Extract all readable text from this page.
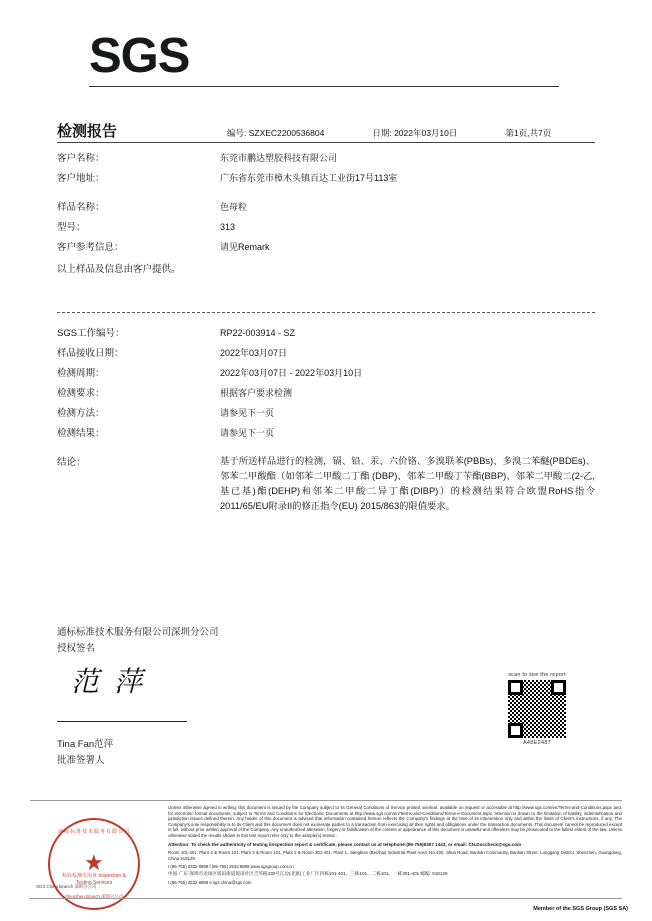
SGS
检测报告	编号: SZXEC2200536804	日期: 2022年03月10日	第1页,共7页
客户名称：	东莞市鹏达塑胶科技有限公司
客户地址：	广东省东莞市樟木头镇百达工业街17号113室
样品名称：	色母粒
型号：	313
客户参考信息：	请见Remark
以上样品及信息由客户提供。
SGS工作编号：	RP22-003914 - SZ
样品接收日期：	2022年03月07日
检测周期：	2022年03月07日 - 2022年03月10日
检测要求：	根据客户要求检测
检测方法：	请参见下一页
检测结果：	请参见下一页
结论：	基于所送样品进行的检测，镉、铅、汞、六价铬、多溴联苯(PBBs)、多溴二苯醚(PBDEs)、邻苯二甲酸酯（如邻苯二甲酸二丁酯 (DBP)、邻苯二甲酸丁苄酯(BBP)、邻苯二甲酸二(2-乙,基已基)酯(DEHP)和邻苯二甲酸二异丁酯(DIBP)）的检测结果符合欧盟RoHS指令2011/65/EU附录II的修正指令(EU) 2015/863的限值要求。
通标标准技术服务有限公司深圳分公司
授权签名
范 萍
Tina Fan范萍
批准签署人
scan to see the report
A48E2487
通标标准技术服务有限公司
★
检验检测专用章 Inspection & Testing Services
Shenzhen Branch 深圳分公司
Unless otherwise agreed in writing, this document is issued by the Company subject to its General Conditions of Service printed overleaf, available on request or accessible at http://www.sgs.com/en/Terms-and-Conditions.aspx and, for electronic format documents, subject to Terms and Conditions for Electronic Documents at http://www.sgs.com/en/Terms-and-Conditions/Terms-e-Document.aspx. Attention is drawn to the limitation of liability, indemnification and jurisdiction issues defined therein. Any holder of this document is advised that information contained hereon reflects the Company's findings at the time of its intervention only and within the limits of Client's instructions, if any. The Company's sole responsibility is to its Client and this document does not exonerate parties to a transaction from exercising all their rights and obligations under the transaction documents. This document cannot be reproduced except in full, without prior written approval of the Company. Any unauthorized alteration, forgery or falsification of the content or appearance of this document is unlawful and offenders may be prosecuted to the fullest extent of the law. Unless otherwise stated the results shown in this test report refer only to the sample(s) tested .
Attention: To check the authenticity of testing /inspection report & certificate, please contact us at telephone:(86-755)8307 1443, or email: CN.Doccheck@sgs.com
Room 101-401, Plant 4 & Room 101, Plant 3 & Room 101, Plant 2 & Room 301-401, Plant 1, Jiangbian (Beizhai) Industrial Plant Area, No.430, Jihua Road, Bantian Community, Bantian Street, Longgang District, Shenzhen, Guangdong, China 518129
t (86-755) 2532 8888 f (86-755) 2532 8888 www.sgsgroup.com.cn
中国·广东·深圳市龙岗区坂田街道坂田社区吉华路430号江边(北寨)工业厂区四栋101-401、三栋101、二栋101、一栋301-401 邮编: 518129
t (86-755) 2532 8888 e sgs.china@sgs.com
SGS China Branch 深圳分公司
Member of the SGS Group (SGS SA)
